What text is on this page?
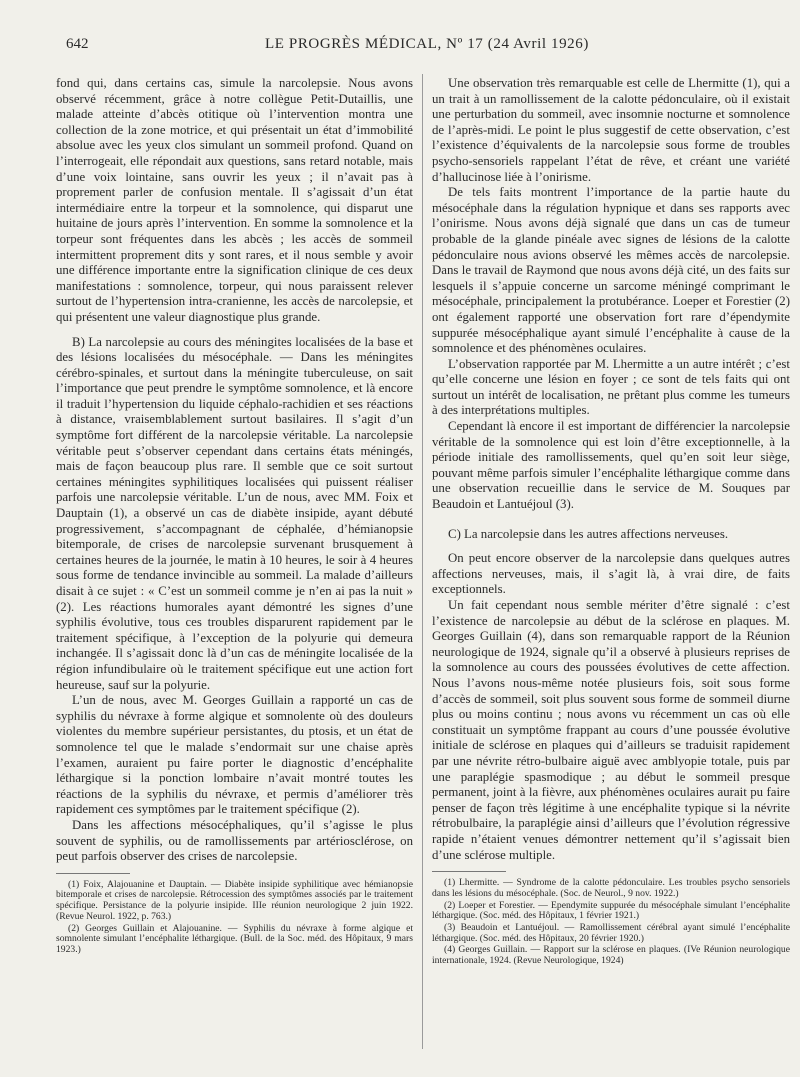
642	LE PROGRÈS MÉDICAL, Nº 17 (24 Avril 1926)

fond qui, dans certains cas, simule la narcolepsie. Nous avons observé récemment, grâce à notre collègue Petit-Dutaillis, une malade atteinte d’abcès otitique où l’intervention montra une collection de la zone motrice, et qui présentait un état d’immobilité absolue avec les yeux clos simulant un sommeil profond. Quand on l’interrogeait, elle répondait aux questions, sans retard notable, mais d’une voix lointaine, sans ouvrir les yeux ; il n’avait pas à proprement parler de confusion mentale. Il s’agissait d’un état intermédiaire entre la torpeur et la somnolence, qui disparut une huitaine de jours après l’intervention. En somme la somnolence et la torpeur sont fréquentes dans les abcès ; les accès de sommeil intermittent proprement dits y sont rares, et il nous semble y avoir une différence importante entre la signification clinique de ces deux manifestations : somnolence, torpeur, qui nous paraissent relever surtout de l’hypertension intra-cranienne, les accès de narcolepsie, et qui présentent une valeur diagnostique plus grande.

B) La narcolepsie au cours des méningites localisées de la base et des lésions localisées du mésocéphale. — Dans les méningites cérébro-spinales, et surtout dans la méningite tuberculeuse, on sait l’importance que peut prendre le symptôme somnolence, et là encore il traduit l’hypertension du liquide céphalo-rachidien et ses réactions à distance, vraisemblablement surtout basilaires. Il s’agit d’un symptôme fort différent de la narcolepsie véritable. La narcolepsie véritable peut s’observer cependant dans certains états méningés, mais de façon beaucoup plus rare. Il semble que ce soit surtout certaines méningites syphilitiques localisées qui puissent réaliser parfois une narcolepsie véritable. L’un de nous, avec MM. Foix et Dauptain (1), a observé un cas de diabète insipide, ayant débuté progressivement, s’accompagnant de céphalée, d’hémianopsie bitemporale, de crises de narcolepsie survenant brusquement à certaines heures de la journée, le matin à 10 heures, le soir à 4 heures sous forme de tendance invincible au sommeil. La malade d’ailleurs disait à ce sujet : « C’est un sommeil comme je n’en ai pas la nuit » (2). Les réactions humorales ayant démontré les signes d’une syphilis évolutive, tous ces troubles disparurent rapidement par le traitement spécifique, à l’exception de la polyurie qui demeura inchangée. Il s’agissait donc là d’un cas de méningite localisée de la région infundibulaire où le traitement spécifique eut une action fort heureuse, sauf sur la polyurie.

L’un de nous, avec M. Georges Guillain a rapporté un cas de syphilis du névraxe à forme algique et somnolente où des douleurs violentes du membre supérieur persistantes, du ptosis, et un état de somnolence tel que le malade s’endormait sur une chaise après l’examen, auraient pu faire porter le diagnostic d’encéphalite léthargique si la ponction lombaire n’avait montré toutes les réactions de la syphilis du névraxe, et permis d’améliorer très rapidement ces symptômes par le traitement spécifique (2).

Dans les affections mésocéphaliques, qu’il s’agisse le plus souvent de syphilis, ou de ramollissements par artériosclérose, on peut parfois observer des crises de narcolepsie.

(1) Foix, Alajouanine et Dauptain. — Diabète insipide syphilitique avec hémianopsie bitemporale et crises de narcolepsie. Rétrocession des symptômes associés par le traitement spécifique. Persistance de la polyurie insipide. IIIe réunion neurologique 2 juin 1922. (Revue Neurol. 1922, p. 763.)

(2) Georges Guillain et Alajouanine. — Syphilis du névraxe à forme algique et somnolente simulant l’encéphalite léthargique. (Bull. de la Soc. méd. des Hôpitaux, 9 mars 1923.)

Une observation très remarquable est celle de Lhermitte (1), qui a un trait à un ramollissement de la calotte pédonculaire, où il existait une perturbation du sommeil, avec insomnie nocturne et somnolence de l’après-midi. Le point le plus suggestif de cette observation, c’est l’existence d’équivalents de la narcolepsie sous forme de troubles psycho-sensoriels rappelant l’état de rêve, et créant une variété d’hallucinose liée à l’onirisme.

De tels faits montrent l’importance de la partie haute du mésocéphale dans la régulation hypnique et dans ses rapports avec l’onirisme. Nous avons déjà signalé que dans un cas de tumeur probable de la glande pinéale avec signes de lésions de la calotte pédonculaire nous avions observé les mêmes accès de narcolepsie. Dans le travail de Raymond que nous avons déjà cité, un des faits sur lesquels il s’appuie concerne un sarcome méningé comprimant le mésocéphale, principalement la protubérance. Loeper et Forestier (2) ont également rapporté une observation fort rare d’épendymite suppurée mésocéphalique ayant simulé l’encéphalite à cause de la somnolence et des phénomènes oculaires.

L’observation rapportée par M. Lhermitte a un autre intérêt ; c’est qu’elle concerne une lésion en foyer ; ce sont de tels faits qui ont surtout un intérêt de localisation, ne prêtant plus comme les tumeurs à des interprétations multiples.

Cependant là encore il est important de différencier la narcolepsie véritable de la somnolence qui est loin d’être exceptionnelle, à la période initiale des ramollissements, quel qu’en soit leur siège, pouvant même parfois simuler l’encéphalite léthargique comme dans une observation recueillie dans le service de M. Souques par Beaudoin et Lantuéjoul (3).

C) La narcolepsie dans les autres affections nerveuses.

On peut encore observer de la narcolepsie dans quelques autres affections nerveuses, mais, il s’agit là, à vrai dire, de faits exceptionnels.

Un fait cependant nous semble mériter d’être signalé : c’est l’existence de narcolepsie au début de la sclérose en plaques. M. Georges Guillain (4), dans son remarquable rapport de la Réunion neurologique de 1924, signale qu’il a observé à plusieurs reprises de la somnolence au cours des poussées évolutives de cette affection. Nous l’avons nous-même notée plusieurs fois, soit sous forme d’accès de sommeil, soit plus souvent sous forme de sommeil diurne plus ou moins continu ; nous avons vu récemment un cas où elle constituait un symptôme frappant au cours d’une poussée évolutive initiale de sclérose en plaques qui d’ailleurs se traduisit rapidement par une névrite rétro-bulbaire aiguë avec amblyopie totale, puis par une paraplégie spasmodique ; au début le sommeil presque permanent, joint à la fièvre, aux phénomènes oculaires aurait pu faire penser de façon très légitime à une encéphalite typique si la névrite rétrobulbaire, la paraplégie ainsi d’ailleurs que l’évolution régressive rapide n’étaient venues démontrer nettement qu’il s’agissait bien d’une sclérose multiple.

(1) Lhermitte. — Syndrome de la calotte pédonculaire. Les troubles psycho sensoriels dans les lésions du mésocéphale. (Soc. de Neurol., 9 nov. 1922.)

(2) Loeper et Forestier. — Ependymite suppurée du mésocéphale simulant l’encéphalite léthargique. (Soc. méd. des Hôpitaux, 1 février 1921.)

(3) Beaudoin et Lantuéjoul. — Ramollissement cérébral ayant simulé l’encéphalite léthargique. (Soc. méd. des Hôpitaux, 20 février 1920.)

(4) Georges Guillain. — Rapport sur la sclérose en plaques. (IVe Réunion neurologique internationale, 1924. (Revue Neurologique, 1924)
